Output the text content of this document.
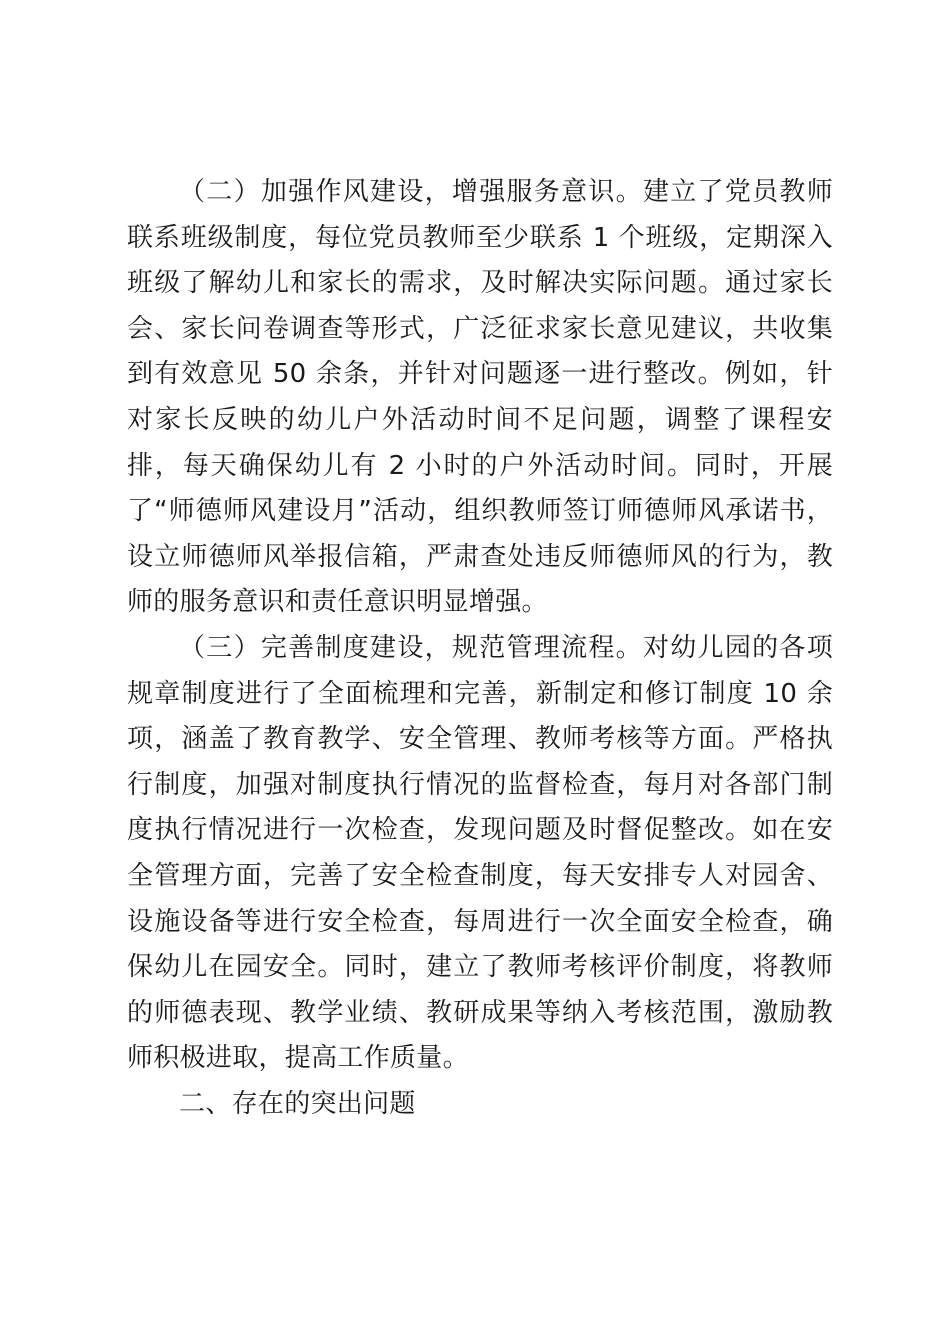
（二）加强作风建设，增强服务意识。建立了党员教师联系班级制度，每位党员教师至少联系 1 个班级，定期深入班级了解幼儿和家长的需求，及时解决实际问题。通过家长会、家长问卷调查等形式，广泛征求家长意见建议，共收集到有效意见 50 余条，并针对问题逐一进行整改。例如，针对家长反映的幼儿户外活动时间不足问题，调整了课程安排，每天确保幼儿有 2 小时的户外活动时间。同时，开展了“师德师风建设月”活动，组织教师签订师德师风承诺书，设立师德师风举报信箱，严肃查处违反师德师风的行为，教师的服务意识和责任意识明显增强。

（三）完善制度建设，规范管理流程。对幼儿园的各项规章制度进行了全面梳理和完善，新制定和修订制度 10 余项，涵盖了教育教学、安全管理、教师考核等方面。严格执行制度，加强对制度执行情况的监督检查，每月对各部门制度执行情况进行一次检查，发现问题及时督促整改。如在安全管理方面，完善了安全检查制度，每天安排专人对园舍、设施设备等进行安全检查，每周进行一次全面安全检查，确保幼儿在园安全。同时，建立了教师考核评价制度，将教师的师德表现、教学业绩、教研成果等纳入考核范围，激励教师积极进取，提高工作质量。

二、存在的突出问题
